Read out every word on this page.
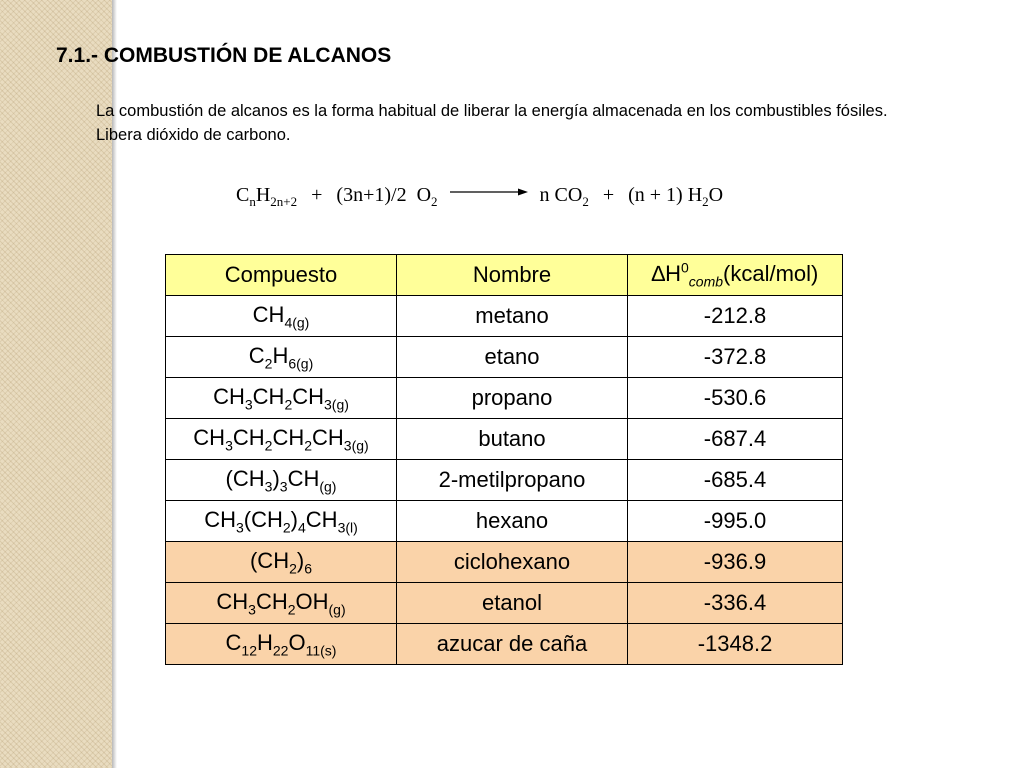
7.1.- COMBUSTIÓN DE ALCANOS

La combustión de alcanos es la forma habitual de liberar la energía almacenada en los combustibles fósiles. Libera dióxido de carbono.

$C_nH_{2n+2} + (3n+1)/2$ $O_2 \to n$ $CO_2 + (n + 1)$ $H_2O$
Compuesto	Nombre	$\Delta H^0_{comb}(kcal/mol)$
$CH_{4(g)}$	metano	-212.8
$C_2H_{6(g)}$	etano	-372.8
$CH_3CH_2CH_{3(g)}$	propano	-530.6
$CH_3CH_2CH_2CH_{3(g)}$	butano	-687.4
$(CH_3)_3CH_{(g)}$	2-metilpropano	-685.4
$CH_3(CH_2)_4CH_{3(l)}$	hexano	-995.0
$(CH_2)_6$	ciclohexano	-936.9
$CH_3CH_2OH_{(g)}$	etanol	-336.4
$C_{12}H_{22}O_{11(s)}$	azucar de caña	-1348.2
